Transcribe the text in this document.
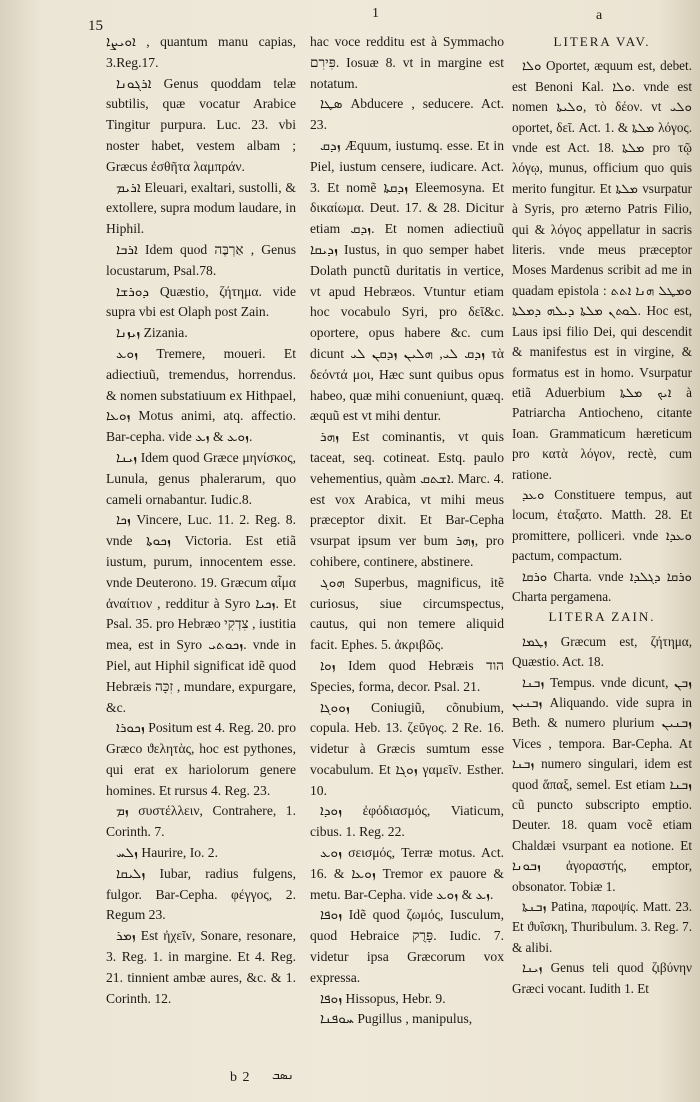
15
1	a

ܐܘܝܨܐ , quantum manu capias, 3.Reg.17.

ܐܪܓܘܢܐ Genus quoddam telæ subtilis, quæ vocatur Arabice Tingitur purpura. Luc. 23. vbi noster habet, vestem albam ; Græcus ἐσθῆτα λαμπράν.

ܐܪܝܡ Eleuari, exaltari, sustolli, & extollere, supra modum laudare, in Hiphil.

ܐܪܒܐ Idem quod אַרְבֶּה , Genus locustarum, Psal.78.

ܕܘܪܫܐ Quæstio, ζήτημα. vide supra vbi est Olaph post Zain.

ܙܝܙܢܐ Zizania.

ܙܘܥ Tremere, moueri. Et adiectiuũ, tremendus, horrendus. & nomen substatiuum ex Hithpael, ܙܘܥܐ Motus animi, atq. affectio. Bar-cepha. vide ܙܘܥ & ܙܥ.

ܙܝܢܐ Idem quod Græce μηνίσκος, Lunula, genus phalerarum, quo cameli ornabantur. Iudic.8.

ܙܟܐ Vincere, Luc. 11. 2. Reg. 8. vnde ܙܟܘܬܐ Victoria. Est etiã iustum, purum, innocentem esse. vnde Deuterono. 19. Græcum αἷμα ἀναίτιον , redditur à Syro ܙܟܝܐ. Et Psal. 35. pro Hebræo צִדְקִי , iustitia mea, est in Syro ܙܟܘܬܝ. vnde in Piel, aut Hiphil significat idẽ quod Hebræis זִכָּה , mundare, expurgare, &c.

ܙܟܘܪܐ Positum est 4. Reg. 20. pro Græco ϑελητὰς, hoc est pythones, qui erat ex hariolorum genere homines. Et rursus 4. Reg. 23.

ܙܡ συστέλλειν, Contrahere, 1. Corinth. 7.

ܙܠܚ Haurire, Io. 2.

ܙܠܝܩܐ Iubar, radius fulgens, fulgor. Bar-Cepha. φέγγος, 2. Regum 23.

ܙܡܪ Est ἠχεῖν, Sonare, resonare, 3. Reg. 1. in margine. Et 4. Reg. 21. tinnient ambæ aures, &c. & 1. Corinth. 12.

hac voce redditu est à Symmacho פִּירִם. Iosuæ 8. vt in margine est notatum.

ܣܛܐ Abducere , seducere. Act. 23.

ܙܕܩ Æquum, iustumq. esse. Et in Piel, iustum censere, iudicare. Act. 3. Et nomẽ ܙܕܩܬܐ Eleemosyna. Et δικαίωμα. Deut. 17. & 28. Dicitur etiam ܙܕܩ. Et nomen adiectiuũ ܙܕܝܩܐ Iustus, in quo semper habet Dolath punctũ duritatis in vertice, vt apud Hebræos. Vtuntur etiam hoc vocabulo Syri, pro δεῖ&c. oportere, opus habere &c. cum dicunt ܙܕܩ ܠܝ, ܗܠܝܢ ܙܕܩܢ ܠܝ τὰ δεόντά μοι, Hæc sunt quibus opus habeo, quæ mihi conueniunt, quæq. æquũ est vt mihi dentur.

ܙܗܪ Est cominantis, vt quis taceat, seq. cotineat. Estq. paulo vehementius, quàm ܐܫܬܩ. Marc. 4. est vox Arabica, vt mihi meus præceptor dixit. Et Bar-Cepha vsurpat ipsum ver bum ܙܗܪ, pro cohibere, continere, abstinere.

ܗܘܓ Superbus, magnificus, itẽ curiosus, siue circumspectus, cautus, qui non temere aliquid facit. Ephes. 5. ἀκριβῶς.

ܙܘܐ Idem quod Hebræis הוד Species, forma, decor. Psal. 21.

ܙܘܘܓܐ Coniugiũ, cõnubium, copula. Heb. 13. ζεῦγος. 2 Re. 16. videtur à Græcis sumtum esse vocabulum. Et ܙܘܓܐ γαμεῖν. Esther. 10.

ܙܘܕܐ ἐφόδιασμός, Viaticum, cibus. 1. Reg. 22.

ܙܘܥ σεισμός, Terræ motus. Act. 16. & ܙܘܥܐ Tremor ex pauore & metu. Bar-Cepha. vide ܙܥ & ܙܘܥ.

ܙܘܦܐ Idẽ quod ζωμός, Iusculum, quod Hebraice פָּרֻק. Iudic. 7. videtur ipsa Græcorum vox expressa.

ܙܘܦܐ Hissopus, Hebr. 9.

ܚܘܦܢܐ Pugillus , manipulus,

LITERA VAV.

ܘܠܐ Oportet, æquum est, debet. est Benoni Kal. ܘܠܐ. vnde est nomen ܘܠܝܬܐ, τὸ δέον. vt ܘܠܝ oportet, δεῖ. Act. 1. & ܡܠܬܐ λόγος. vnde est Act. 18. ܡܠܬܐ pro τῷ λόγῳ, munus, officium quo quis merito fungitur. Et ܡܠܬܐ vsurpatur à Syris, pro æterno Patris Filio, qui & λόγος appellatur in sacris literis. vnde meus præceptor Moses Mardenus scribit ad me in quadam epistola : ܘܡܛܠ ܗܢܐ ܐܬܬ ܠܘܬܢ ܡܠܬܐ ܕܝܠܗ ܕܡܠܬܐ. Hoc est, Laus ipsi filio Dei, qui descendit & manifestus est in virgine, & formatus est in homo. Vsurpatur etiã Aduerbium ܐܝܟ ܡܠܬܐ à Patriarcha Antiocheno, citante Ioan. Grammaticum hæreticum pro κατὰ λόγον, rectè, cum ratione.

ܘܥܕ Constituere tempus, aut locum, ἐταξατο. Matth. 28. Et promittere, polliceri. vnde ܘܥܕܐ pactum, compactum.

ܘܪܩܐ Charta. vnde ܘܪܩܐ ܕܓܠܕܐ Charta pergamena.

LITERA ZAIN.

ܙܛܡܐ Græcum est, ζήτημα, Quæstio. Act. 18.

ܙܒܢܐ Tempus. vnde dicunt, ܙܒܢ ܙܒܢܝܢ Aliquando. vide supra in Beth. & numero plurium ܙܒܢܝܢ Vices , tempora. Bar-Cepha. At ܙܒܢܐ numero singulari, idem est quod ἅπαξ, semel. Est etiam ܙܒܢܐ cũ puncto subscripto emptio. Deuter. 18. quam vocẽ etiam Chaldæi vsurpant ea notione. Et ܙܒܘܢܐ ἀγοραστής, emptor, obsonator. Tobiæ 1.

ܙܒܢܬܐ Patina, παροψίς. Matt. 23. Et ϑυΐσκη, Thuribulum. 3. Reg. 7. & alibi.

ܙܝܢܐ Genus teli quod ζιβύνην Græci vocant. Iudith 1. Et

b 2 ܢܣܒ
